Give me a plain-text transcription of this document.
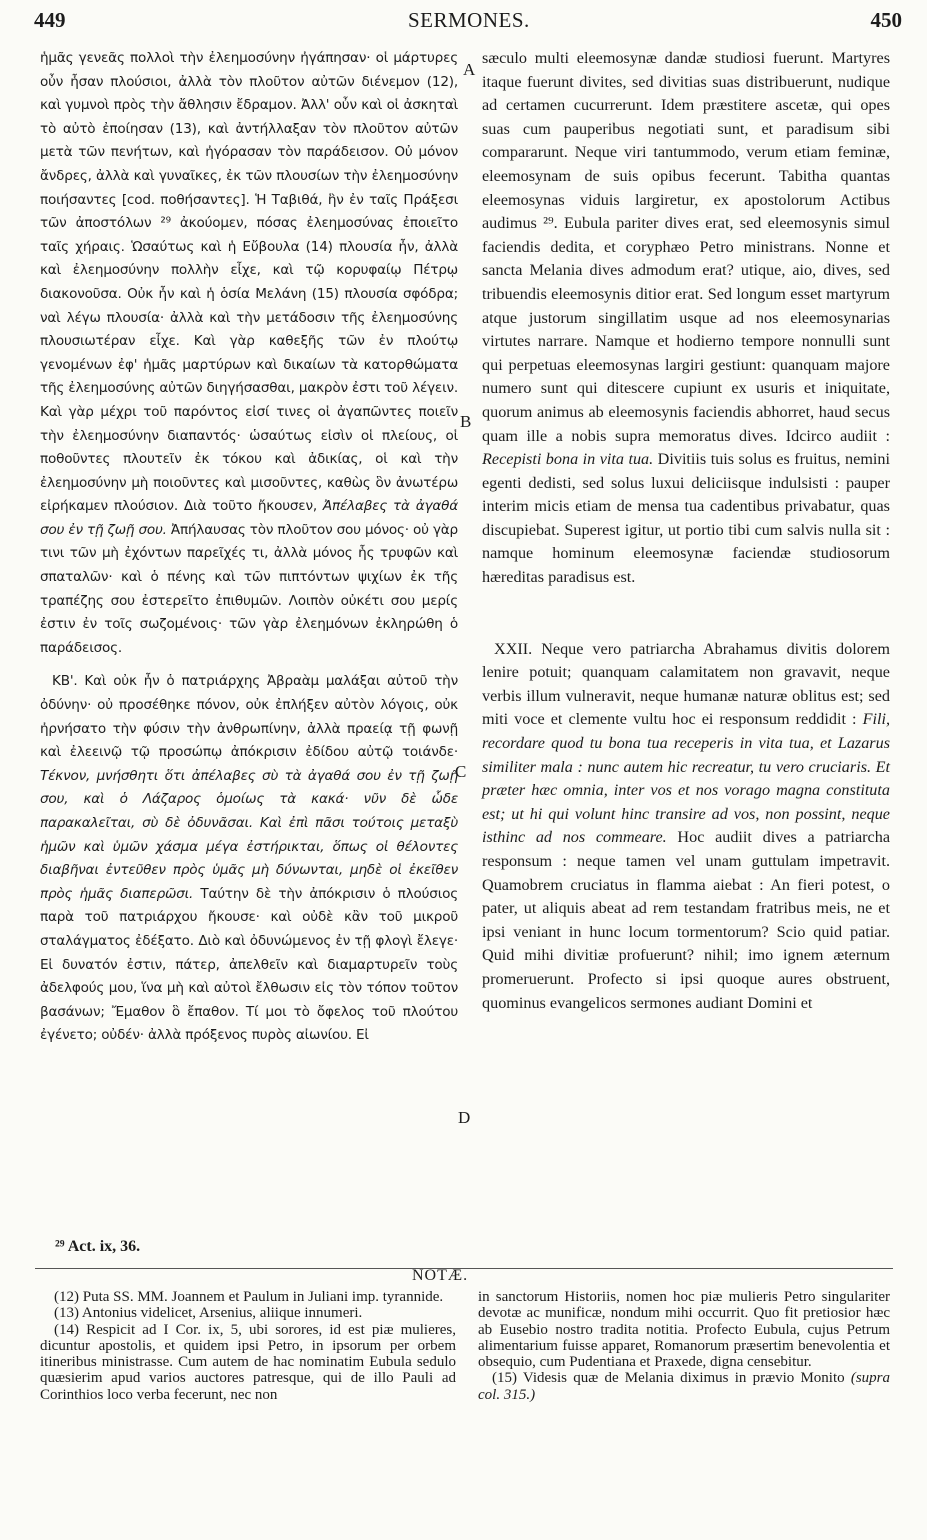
449	SERMONES.	450

ἡμᾶς γενεᾶς πολλοὶ τὴν ἐλεημοσύνην ἠγάπησαν· οἱ μάρτυρες οὖν ἦσαν πλούσιοι, ἀλλὰ τὸν πλοῦτον αὐτῶν διένεμον (12), καὶ γυμνοὶ πρὸς τὴν ἄθλησιν ἔδραμον. Ἀλλ' οὖν καὶ οἱ ἀσκηταὶ τὸ αὐτὸ ἐποίησαν (13), καὶ ἀντήλλαξαν τὸν πλοῦτον αὐτῶν μετὰ τῶν πενήτων, καὶ ἠγόρασαν τὸν παράδεισον. Οὐ μόνον ἄνδρες, ἀλλὰ καὶ γυναῖκες, ἐκ τῶν πλουσίων τὴν ἐλεημοσύνην ποιήσαντες [cod. ποθήσαντες]. Ἡ Ταβιθά, ἣν ἐν ταῖς Πράξεσι τῶν ἀποστόλων ²⁹ ἀκούομεν, πόσας ἐλεημοσύνας ἐποιεῖτο ταῖς χήραις. Ὡσαύτως καὶ ἡ Εὔβουλα (14) πλουσία ἦν, ἀλλὰ καὶ ἐλεημοσύνην πολλὴν εἶχε, καὶ τῷ κορυφαίῳ Πέτρῳ διακονοῦσα. Οὐκ ἦν καὶ ἡ ὁσία Μελάνη (15) πλουσία σφόδρα; ναὶ λέγω πλουσία· ἀλλὰ καὶ τὴν μετάδοσιν τῆς ἐλεημοσύνης πλουσιωτέραν εἶχε. Καὶ γὰρ καθεξῆς τῶν ἐν πλούτῳ γενομένων ἐφ' ἡμᾶς μαρτύρων καὶ δικαίων τὰ κατορθώματα τῆς ἐλεημοσύνης αὐτῶν διηγήσασθαι, μακρὸν ἐστι τοῦ λέγειν. Καὶ γὰρ μέχρι τοῦ παρόντος εἰσί τινες οἱ ἀγαπῶντες ποιεῖν τὴν ἐλεημοσύνην διαπαντός· ὡσαύτως εἰσὶν οἱ πλείους, οἱ ποθοῦντες πλουτεῖν ἐκ τόκου καὶ ἀδικίας, οἱ καὶ τὴν ἐλεημοσύνην μὴ ποιοῦντες καὶ μισοῦντες, καθὼς ὃν ἀνωτέρω εἰρήκαμεν πλούσιον. Διὰ τοῦτο ἤκουσεν, Ἀπέλαβες τὰ ἀγαθά σου ἐν τῇ ζωῇ σου. Ἀπήλαυσας τὸν πλοῦτον σου μόνος· οὐ γὰρ τινι τῶν μὴ ἐχόντων παρεῖχές τι, ἀλλὰ μόνος ἧς τρυφῶν καὶ σπαταλῶν· καὶ ὁ πένης καὶ τῶν πιπτόντων ψιχίων ἐκ τῆς τραπέζης σου ἐστερεῖτο ἐπιθυμῶν. Λοιπὸν οὐκέτι σου μερίς ἐστιν ἐν τοῖς σωζομένοις· τῶν γὰρ ἐλεημόνων ἐκληρώθη ὁ παράδεισος.

ΚΒ'. Καὶ οὐκ ἦν ὁ πατριάρχης Ἀβραὰμ μαλάξαι αὐτοῦ τὴν ὀδύνην· οὐ προσέθηκε πόνον, οὐκ ἐπλήξεν αὐτὸν λόγοις, οὐκ ἠρνήσατο τὴν φύσιν τὴν ἀνθρωπίνην, ἀλλὰ πραείᾳ τῇ φωνῇ καὶ ἐλεεινῷ τῷ προσώπῳ ἀπόκρισιν ἐδίδου αὐτῷ τοιάνδε· Τέκνον, μνήσθητι ὅτι ἀπέλαβες σὺ τὰ ἀγαθά σου ἐν τῇ ζωῇ σου, καὶ ὁ Λάζαρος ὁμοίως τὰ κακά· νῦν δὲ ὧδε παρακαλεῖται, σὺ δὲ ὀδυνᾶσαι. Καὶ ἐπὶ πᾶσι τούτοις μεταξὺ ἡμῶν καὶ ὑμῶν χάσμα μέγα ἐστήρικται, ὅπως οἱ θέλοντες διαβῆναι ἐντεῦθεν πρὸς ὑμᾶς μὴ δύνωνται, μηδὲ οἱ ἐκεῖθεν πρὸς ἡμᾶς διαπερῶσι. Ταύτην δὲ τὴν ἀπόκρισιν ὁ πλούσιος παρὰ τοῦ πατριάρχου ἤκουσε· καὶ οὐδὲ κἂν τοῦ μικροῦ σταλάγματος ἐδέξατο. Διὸ καὶ ὀδυνώμενος ἐν τῇ φλογὶ ἔλεγε· Εἰ δυνατόν ἐστιν, πάτερ, ἀπελθεῖν καὶ διαμαρτυρεῖν τοὺς ἀδελφούς μου, ἵνα μὴ καὶ αὐτοὶ ἔλθωσιν εἰς τὸν τόπον τοῦτον βασάνων; Ἔμαθον ὃ ἔπαθον. Τί μοι τὸ ὄφελος τοῦ πλούτου ἐγένετο; οὐδέν· ἀλλὰ πρόξενος πυρὸς αἰωνίου. Εἰ

sæculo multi eleemosynæ dandæ studiosi fuerunt. Martyres itaque fuerunt divites, sed divitias suas distribuerunt, nudique ad certamen cucurrerunt. Idem præstitere ascetæ, qui opes suas cum pauperibus negotiati sunt, et paradisum sibi compararunt. Neque viri tantummodo, verum etiam feminæ, eleemosynam de suis opibus fecerunt. Tabitha quantas eleemosynas viduis largiretur, ex apostolorum Actibus audimus ²⁹. Eubula pariter dives erat, sed eleemosynis simul faciendis dedita, et coryphæo Petro ministrans. Nonne et sancta Melania dives admodum erat? utique, aio, dives, sed tribuendis eleemosynis ditior erat. Sed longum esset martyrum atque justorum singillatim usque ad nos eleemosynarias virtutes narrare. Namque et hodierno tempore nonnulli sunt qui perpetuas eleemosynas largiri gestiunt: quanquam majore numero sunt qui ditescere cupiunt ex usuris et iniquitate, quorum animus ab eleemosynis faciendis abhorret, haud secus quam ille a nobis supra memoratus dives. Idcirco audiit : Recepisti bona in vita tua. Divitiis tuis solus es fruitus, nemini egenti dedisti, sed solus luxui deliciisque indulsisti : pauper interim micis etiam de mensa tua cadentibus privabatur, quas discupiebat. Superest igitur, ut portio tibi cum salvis nulla sit : namque hominum eleemosynæ faciendæ studiosorum hæreditas paradisus est.

XXII. Neque vero patriarcha Abrahamus divitis dolorem lenire potuit; quanquam calamitatem non gravavit, neque verbis illum vulneravit, neque humanæ naturæ oblitus est; sed miti voce et clemente vultu hoc ei responsum reddidit : Fili, recordare quod tu bona tua receperis in vita tua, et Lazarus similiter mala : nunc autem hic recreatur, tu vero cruciaris. Et præter hæc omnia, inter vos et nos vorago magna constituta est; ut hi qui volunt hinc transire ad vos, non possint, neque isthinc ad nos commeare. Hoc audiit dives a patriarcha responsum : neque tamen vel unam guttulam impetravit. Quamobrem cruciatus in flamma aiebat : An fieri potest, o pater, ut aliquis abeat ad rem testandam fratribus meis, ne et ipsi veniant in hunc locum tormentorum? Scio quid patiar. Quid mihi divitiæ profuerunt? nihil; imo ignem æternum promeruerunt. Profecto si ipsi quoque aures obstruent, quominus evangelicos sermones audiant Domini et

A
B
C
D
²⁹ Act. ix, 36.
NOTÆ.

(12) Puta SS. MM. Joannem et Paulum in Juliani imp. tyrannide.

(13) Antonius videlicet, Arsenius, aliique innumeri.

(14) Respicit ad I Cor. ix, 5, ubi sorores, id est piæ mulieres, dicuntur apostolis, et quidem ipsi Petro, in ipsorum per orbem itineribus ministrasse. Cum autem de hac nominatim Eubula sedulo quæsierim apud varios auctores patresque, qui de illo Pauli ad Corinthios loco verba fecerunt, nec non

in sanctorum Historiis, nomen hoc piæ mulieris Petro singulariter devotæ ac munificæ, nondum mihi occurrit. Quo fit pretiosior hæc ab Eusebio nostro tradita notitia. Profecto Eubula, cujus Petrum alimentarium fuisse apparet, Romanorum præsertim benevolentia et obsequio, cum Pudentiana et Praxede, digna censebitur.

(15) Videsis quæ de Melania diximus in prævio Monito (supra col. 315.)
